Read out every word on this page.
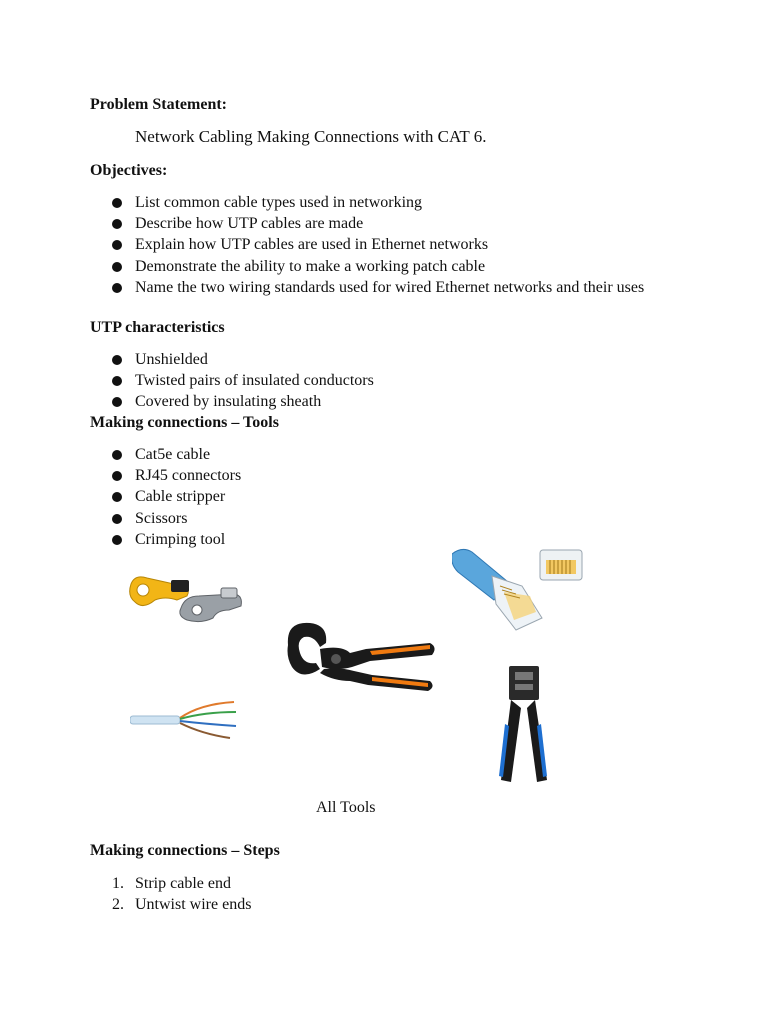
Problem Statement:

Network Cabling Making Connections with CAT 6.

Objectives:

List common cable types used in networking
Describe how UTP cables are made
Explain how UTP cables are used in Ethernet networks
Demonstrate the ability to make a working patch cable
Name the two wiring standards used for wired Ethernet networks and their uses

UTP characteristics

Unshielded
Twisted pairs of insulated conductors
Covered by insulating sheath

Making connections – Tools

Cat5e cable
RJ45 connectors
Cable stripper
Scissors
Crimping tool
All Tools

Making connections – Steps

1. Strip cable end
2. Untwist wire ends
